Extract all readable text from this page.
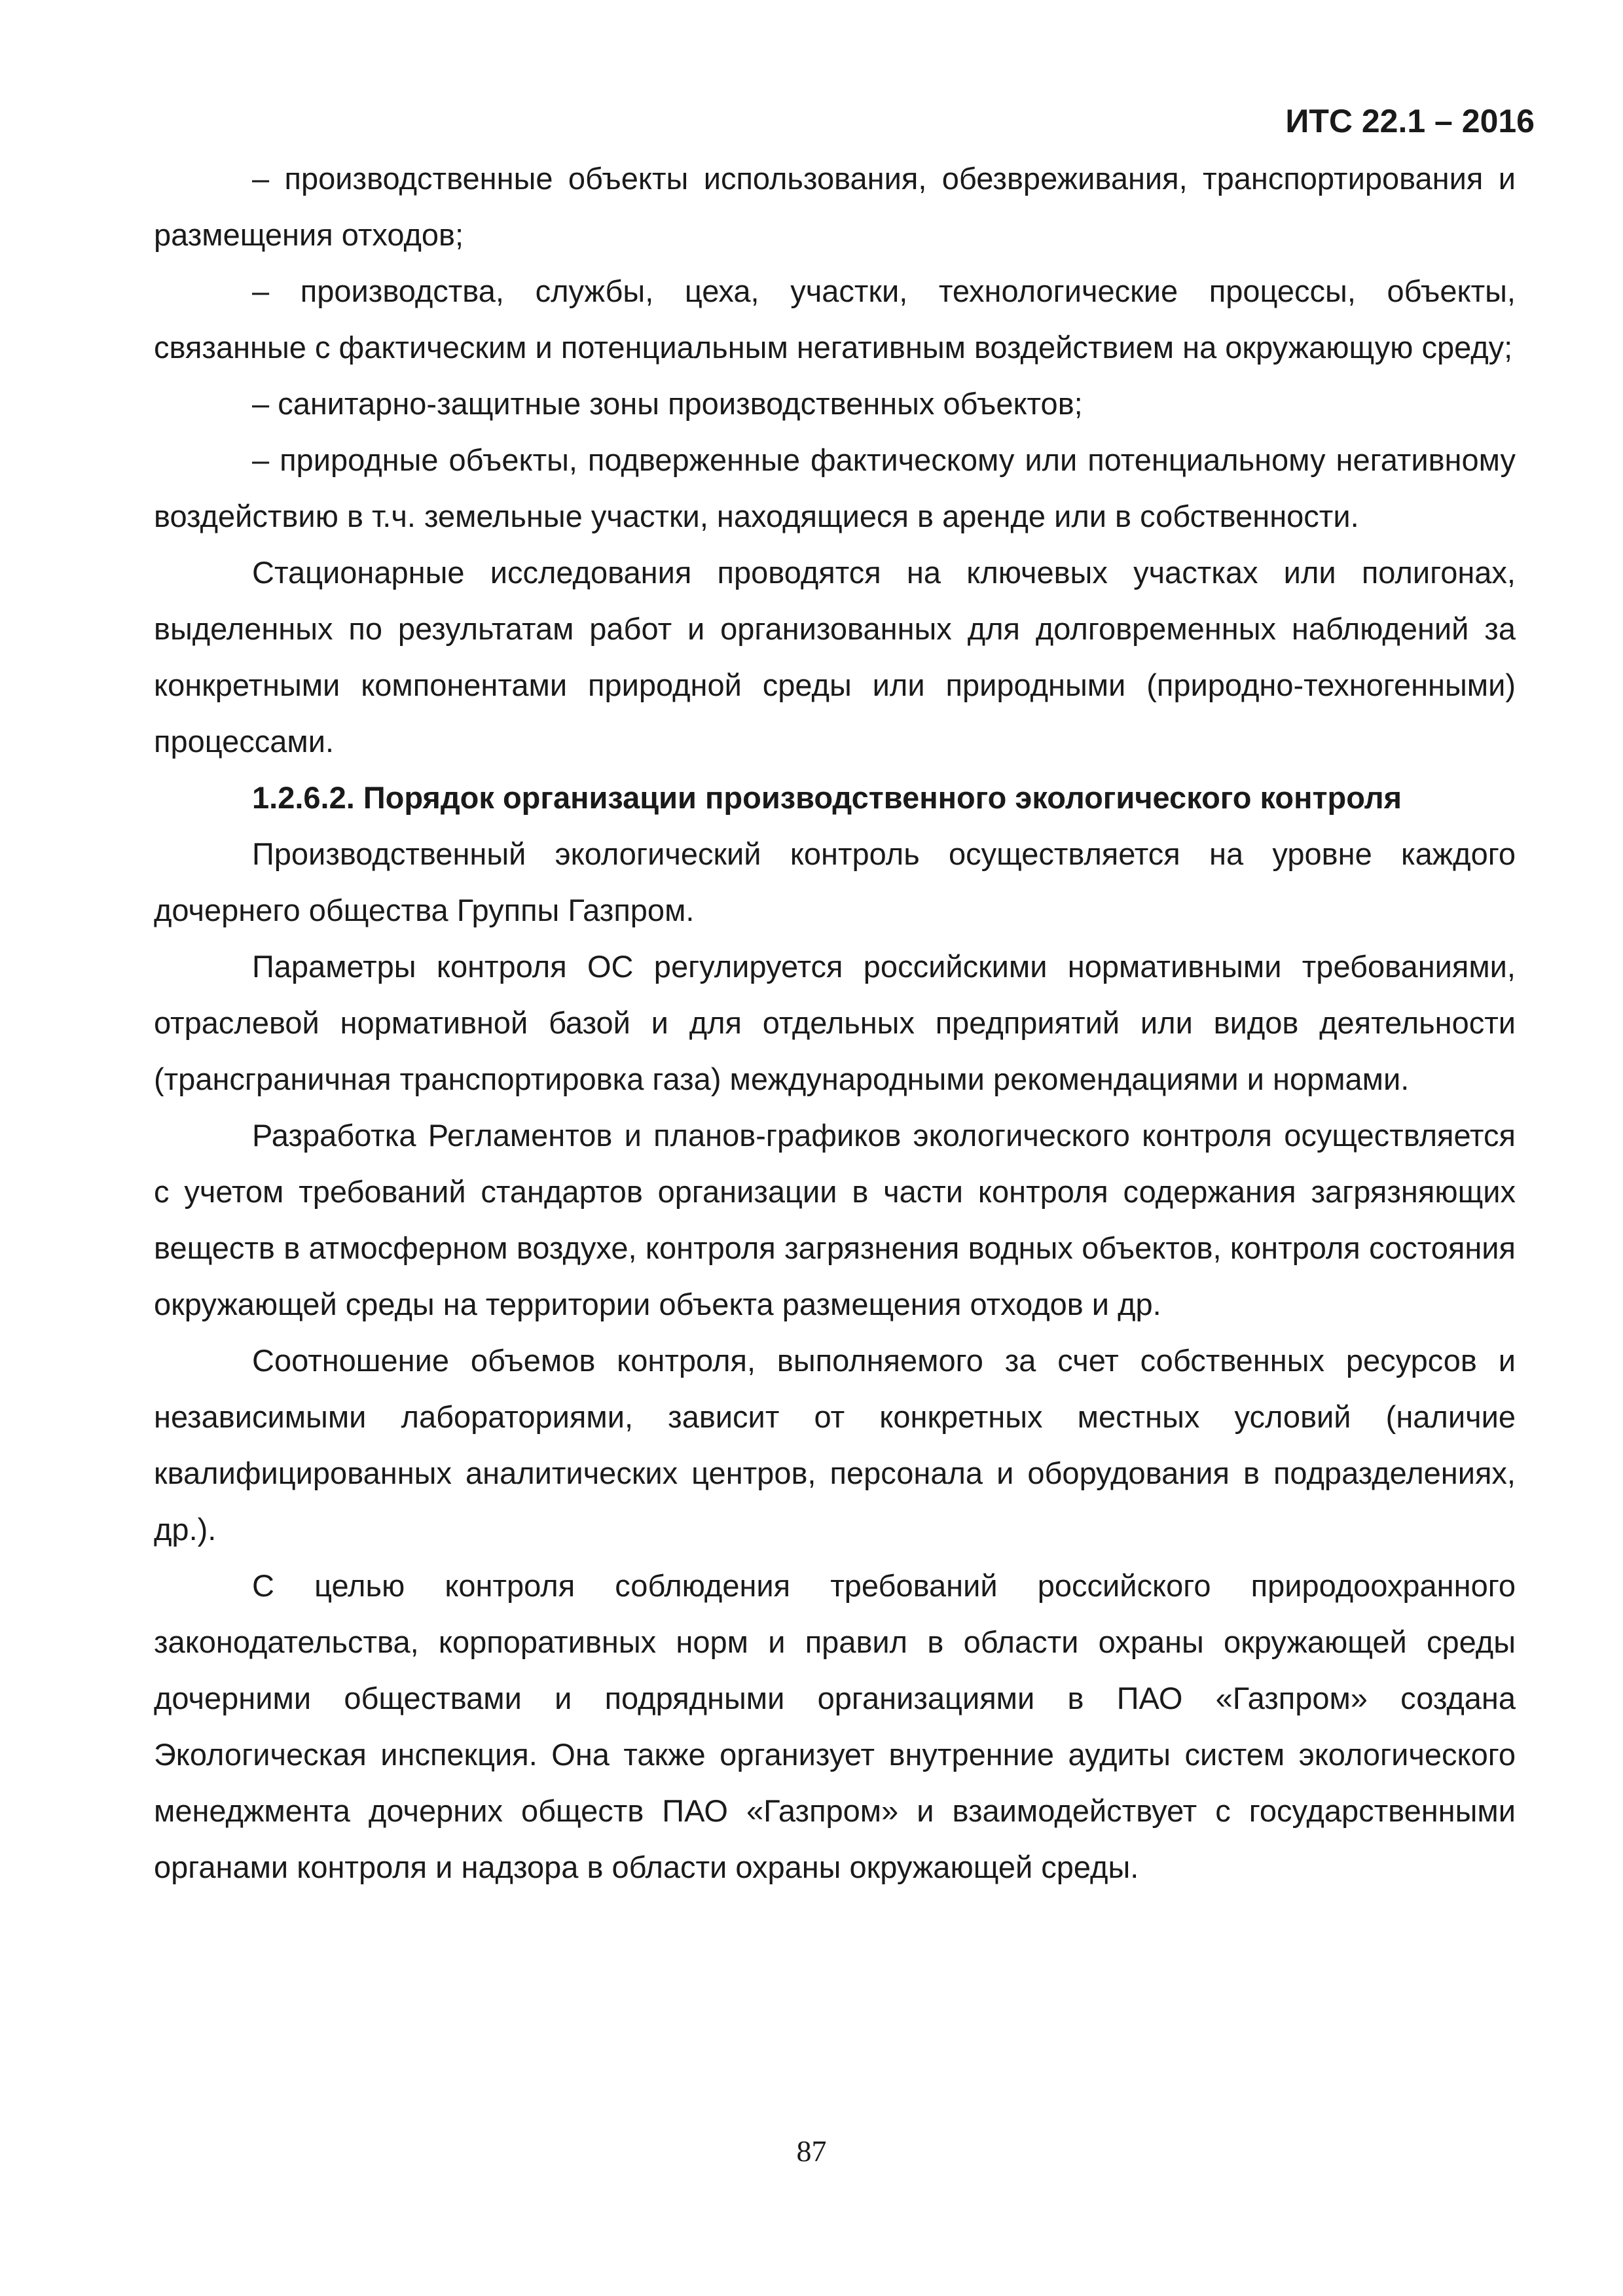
ИТС 22.1 – 2016

– производственные объекты использования, обезвреживания, транспортирования и размещения отходов;

– производства, службы, цеха, участки, технологические процессы, объекты, связанные с фактическим и потенциальным негативным воздействием на окружающую среду;

– санитарно-защитные зоны производственных объектов;

– природные объекты, подверженные фактическому или потенциальному негативному воздействию в т.ч. земельные участки, находящиеся в аренде или в собственности.

Стационарные исследования проводятся на ключевых участках или полигонах, выделенных по результатам работ и организованных для долговременных наблюдений за конкретными компонентами природной среды или природными (природно-техногенными) процессами.

1.2.6.2. Порядок организации производственного экологического контроля

Производственный экологический контроль осуществляется на уровне каждого дочернего общества Группы Газпром.

Параметры контроля ОС регулируется российскими нормативными требованиями, отраслевой нормативной базой и для отдельных предприятий или видов деятельности (трансграничная транспортировка газа) международными рекомендациями и нормами.

Разработка Регламентов и планов-графиков экологического контроля осуществляется с учетом требований стандартов организации в части контроля содержания загрязняющих веществ в атмосферном воздухе, контроля загрязнения водных объектов, контроля состояния окружающей среды на территории объекта размещения отходов и др.

Соотношение объемов контроля, выполняемого за счет собственных ресурсов и независимыми лабораториями, зависит от конкретных местных условий (наличие квалифицированных аналитических центров, персонала и оборудования в подразделениях, др.).

С целью контроля соблюдения требований российского природоохранного законодательства, корпоративных норм и правил в области охраны окружающей среды дочерними обществами и подрядными организациями в ПАО «Газпром» создана Экологическая инспекция. Она также организует внутренние аудиты систем экологического менеджмента дочерних обществ ПАО «Газпром» и взаимодействует с государственными органами контроля и надзора в области охраны окружающей среды.

87
